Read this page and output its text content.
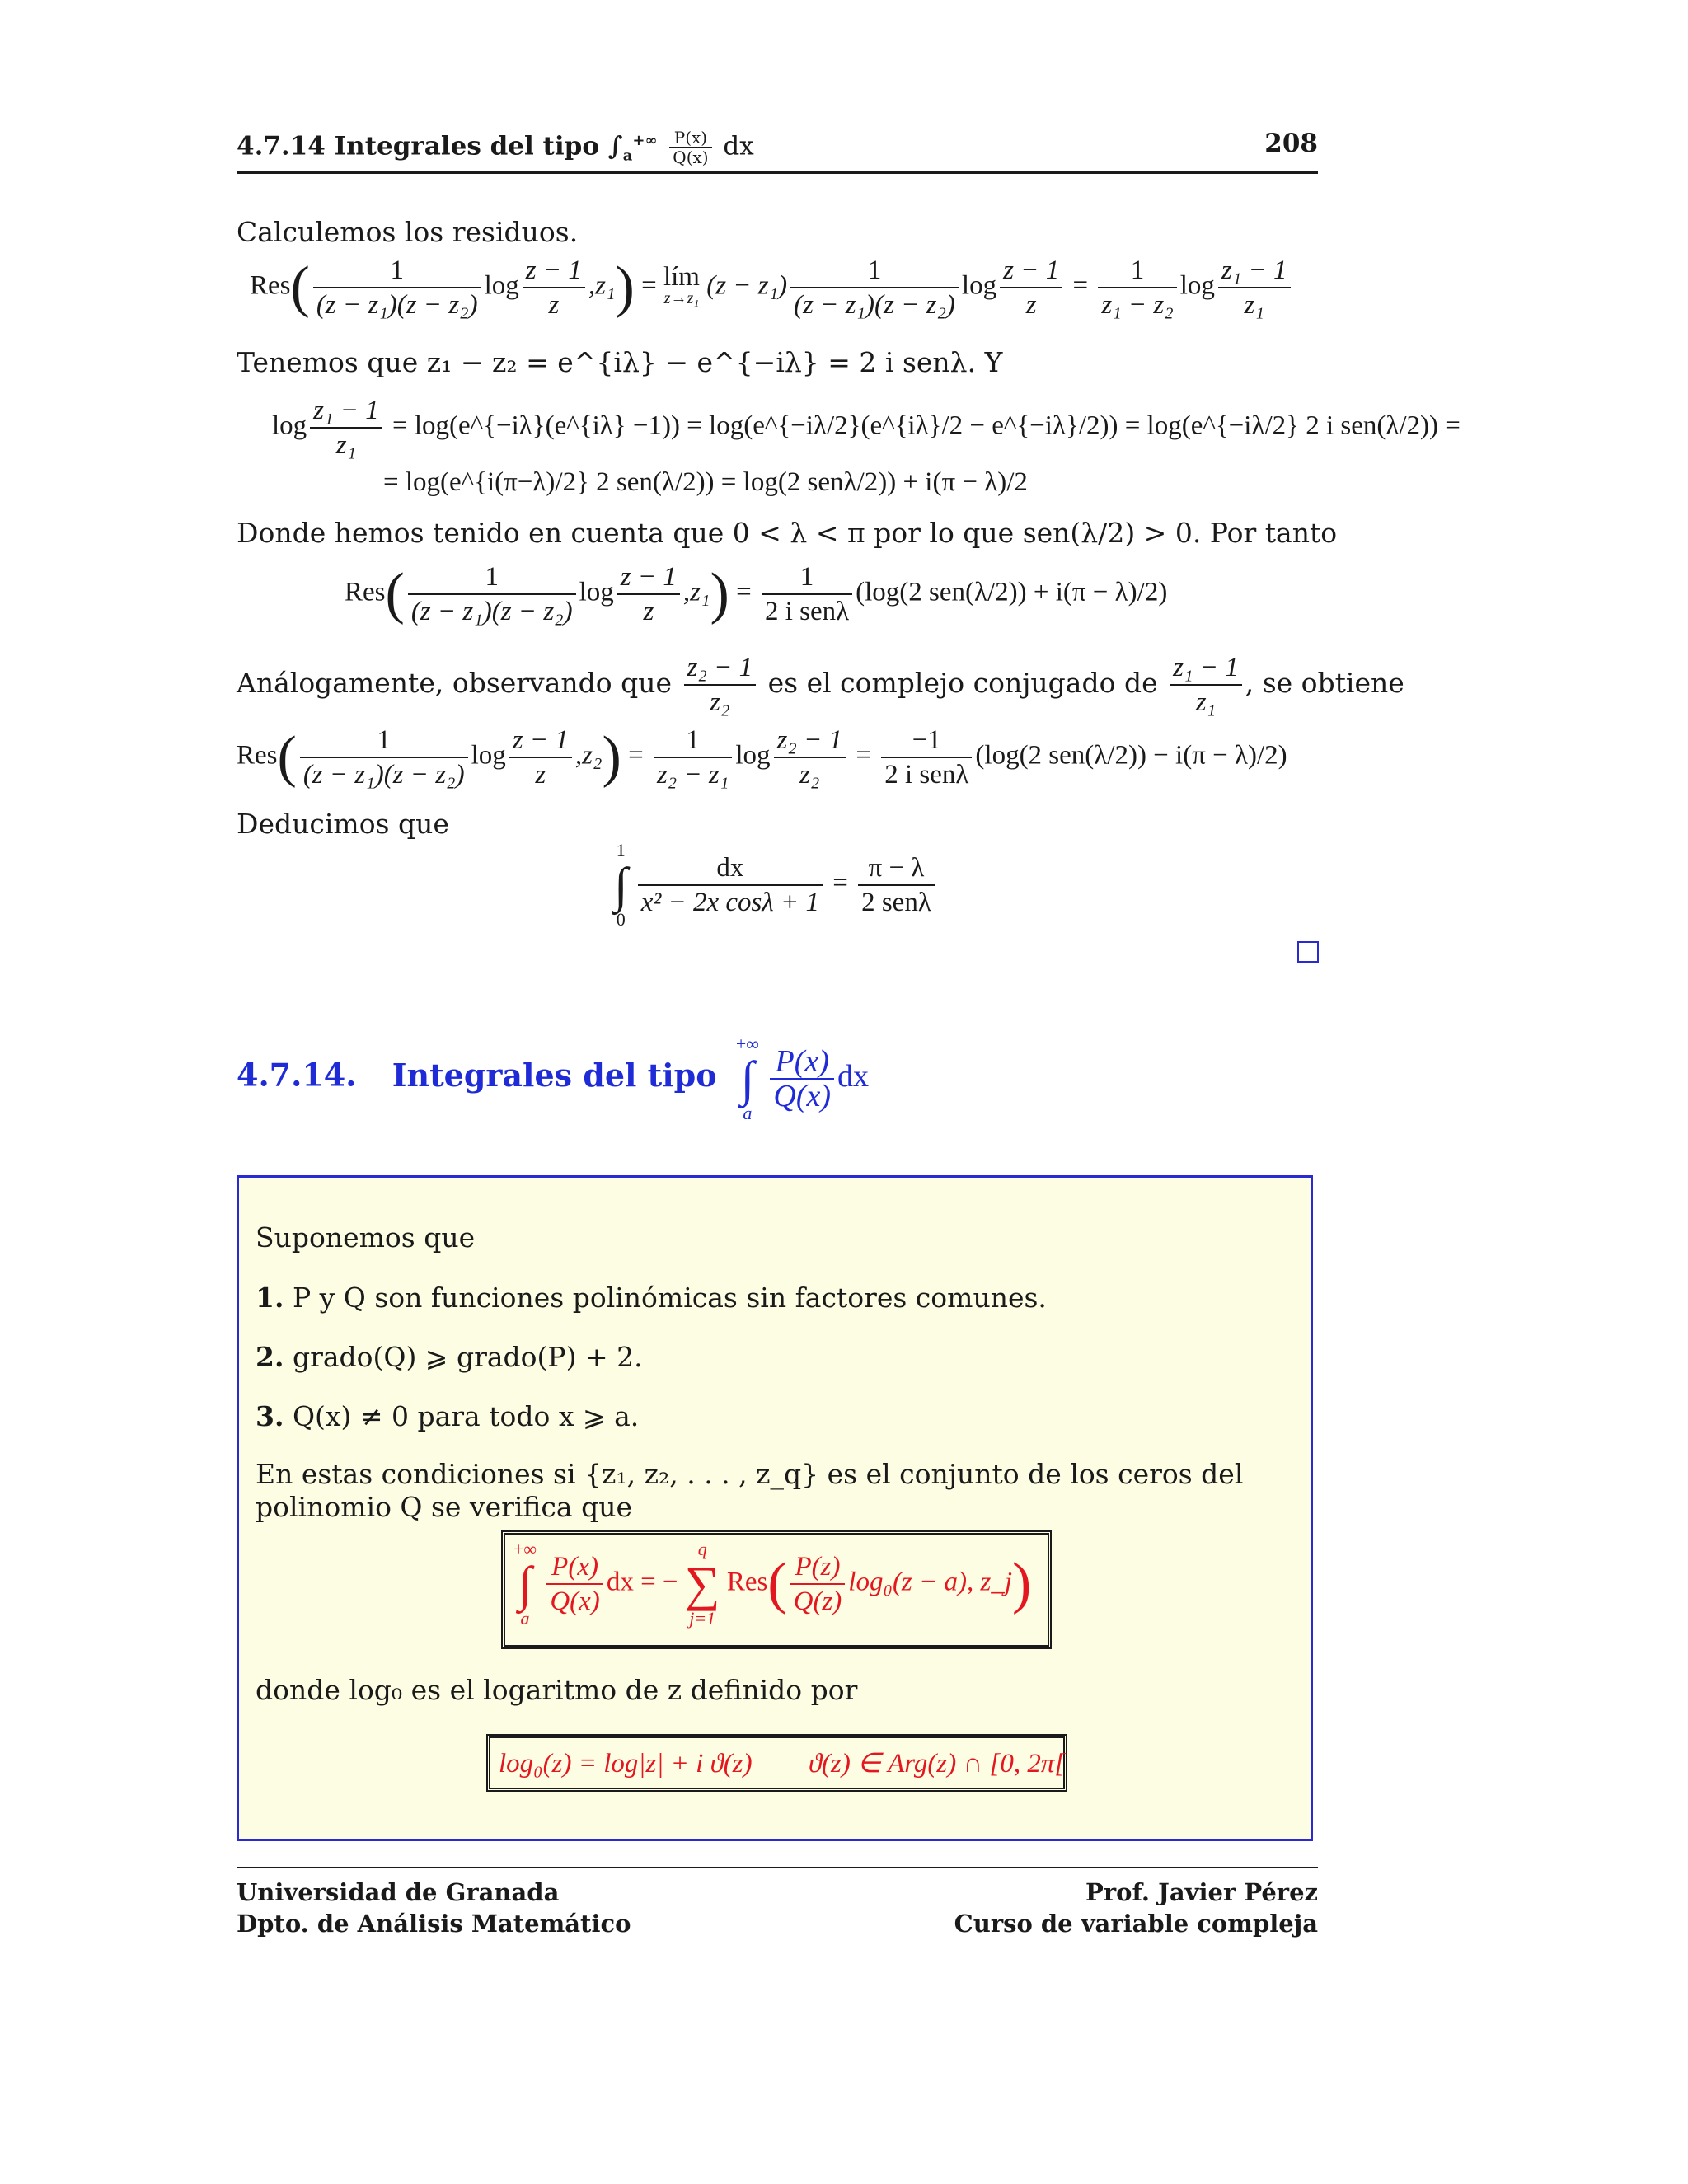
4.7.14 Integrales del tipo $\int_a^{+\infty} \frac{P(x)}{Q(x)}$ dx	208
Calculemos los residuos.
$Res( \frac{1}{\text{(z − z₁)(z − z₂)}}$ $\log \frac{z - 1}{z} ,z_1$) = lím
z→z₁ $(z - z_1) \frac{1}{\text{(z − z₁)(z − z₂)}}$ $\log \frac{z - 1}{z} = \frac{1}{\text{z₁ − z₂}}$ $\log \frac{\text{z₁ − 1}}{\text{z₁}}$
Tenemos que z₁ − z₂ = e^{iλ} − e^{−iλ} = 2 i senλ. Y
$\log \frac{\text{z₁ − 1}}{\text{z₁}}$ = log(e^{−iλ}(e^{iλ} −1)) = log(e^{−iλ/2}(e^{iλ}/2 − e^{−iλ}/2)) = log(e^{−iλ/2} 2 i sen(λ/2)) =
= log(e^{i(π−λ)/2} 2 sen(λ/2)) = log(2 senλ/2)) + i(π − λ)/2
Donde hemos tenido en cuenta que 0 < λ < π por lo que sen(λ/2) > 0. Por tanto
$Res( \frac{1}{\text{(z − z₁)(z − z₂)}}$ $\log \frac{z - 1}{z} ,z_1) = \frac{1}{\text{2 i senλ}} (\log(2$ sen(λ/2)) + i(π − λ)/2)
Análogamente, observando que $\frac{\text{z₂ − 1}}{\text{z₂}}$ es el complejo conjugado de $\frac{\text{z₁ − 1}}{\text{z₁}}$ , se obtiene
$Res( \frac{1}{\text{(z − z₁)(z − z₂)}}$ $\log \frac{z - 1}{z} ,z_2) = \frac{1}{\text{z₂ − z₁}}$ $\log \frac{\text{z₂ − 1}}{\text{z₂}} = \frac{-1}{\text{2 i senλ}} (\log(2$ sen(λ/2)) − i(π − λ)/2)
Deducimos que
1
∫
0
$\frac{dx}{\text{x² − 2x cosλ + 1}} = \frac{\pi - \lambda}{\text{2 senλ}}$
4.7.14. Integrales del tipo +∞
∫
a
$\frac{P(x)}{Q(x)}$ dx
Suponemos que
1. P y Q son funciones polinómicas sin factores comunes.
2. grado(Q) ⩾ grado(P) + 2.
3. Q(x) ≠ 0 para todo x ⩾ a.
En estas condiciones si {z₁, z₂, . . . , z_q} es el conjunto de los ceros del polinomio Q se verifica que
+∞
∫
a
$\frac{P(x)}{Q(x)}$ dx = − q
∑
j=1 $Res( \frac{P(z)}{Q(z)} \log_0(z - a)$, z_j)
donde log₀ es el logaritmo de z definido por
log₀(z) = log|z| + i ϑ(z) ϑ(z) ∈ Arg(z) ∩ [0, 2π[
Universidad de Granada
Dpto. de Análisis Matemático
Prof. Javier Pérez
Curso de variable compleja
